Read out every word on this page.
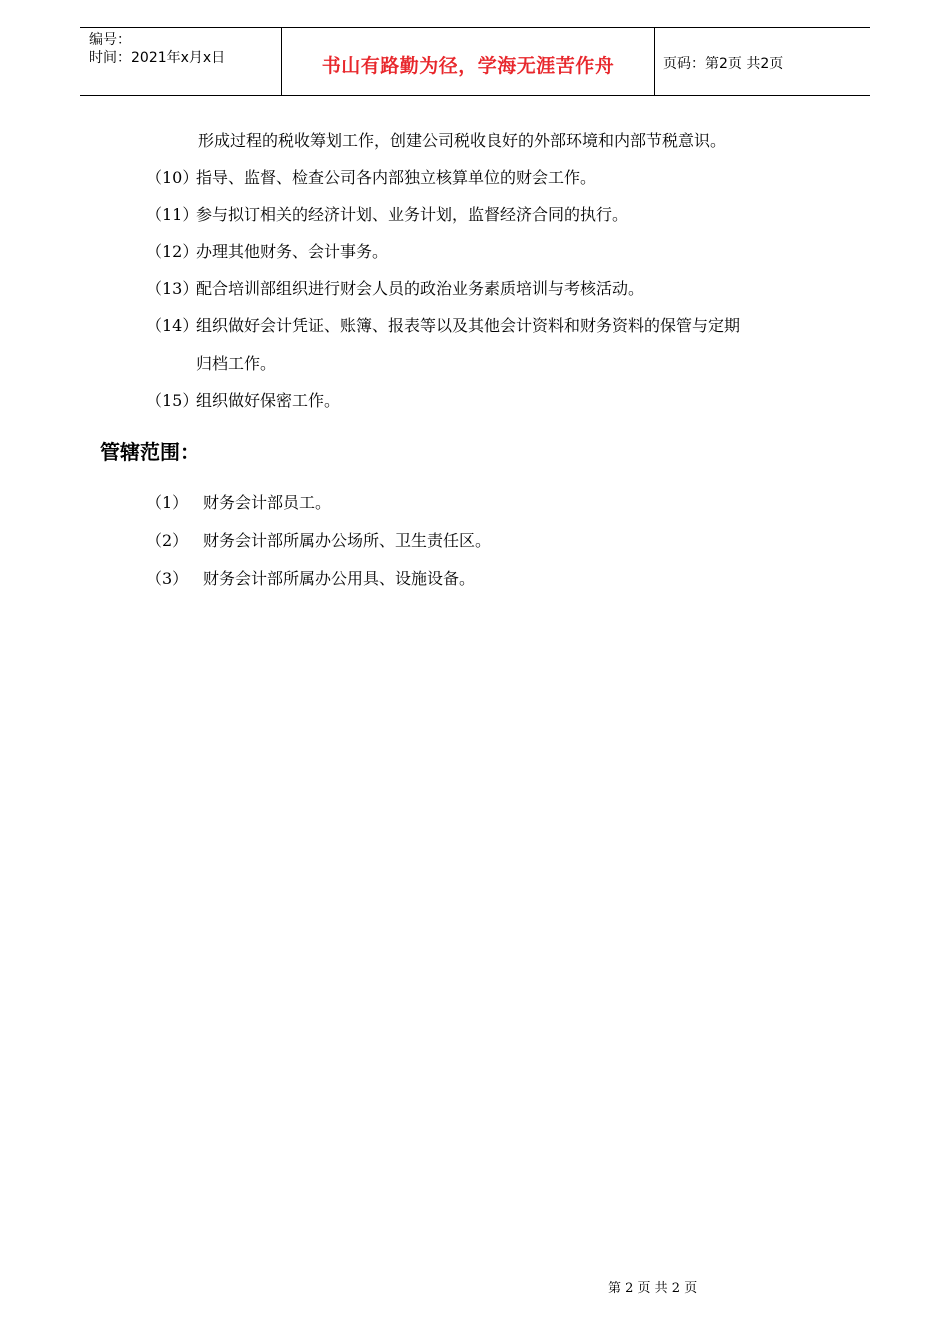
编号：
时间：2021年x月x日	书山有路勤为径，学海无涯苦作舟	页码：第2页 共2页
形成过程的税收筹划工作，创建公司税收良好的外部环境和内部节税意识。
（10）指导、监督、检查公司各内部独立核算单位的财会工作。
（11）参与拟订相关的经济计划、业务计划，监督经济合同的执行。
（12）办理其他财务、会计事务。
（13）配合培训部组织进行财会人员的政治业务素质培训与考核活动。
（14）组织做好会计凭证、账簿、报表等以及其他会计资料和财务资料的保管与定期
归档工作。
（15）组织做好保密工作。
管辖范围：
（1） 财务会计部员工。
（2） 财务会计部所属办公场所、卫生责任区。
（3） 财务会计部所属办公用具、设施设备。
第 2 页 共 2 页
